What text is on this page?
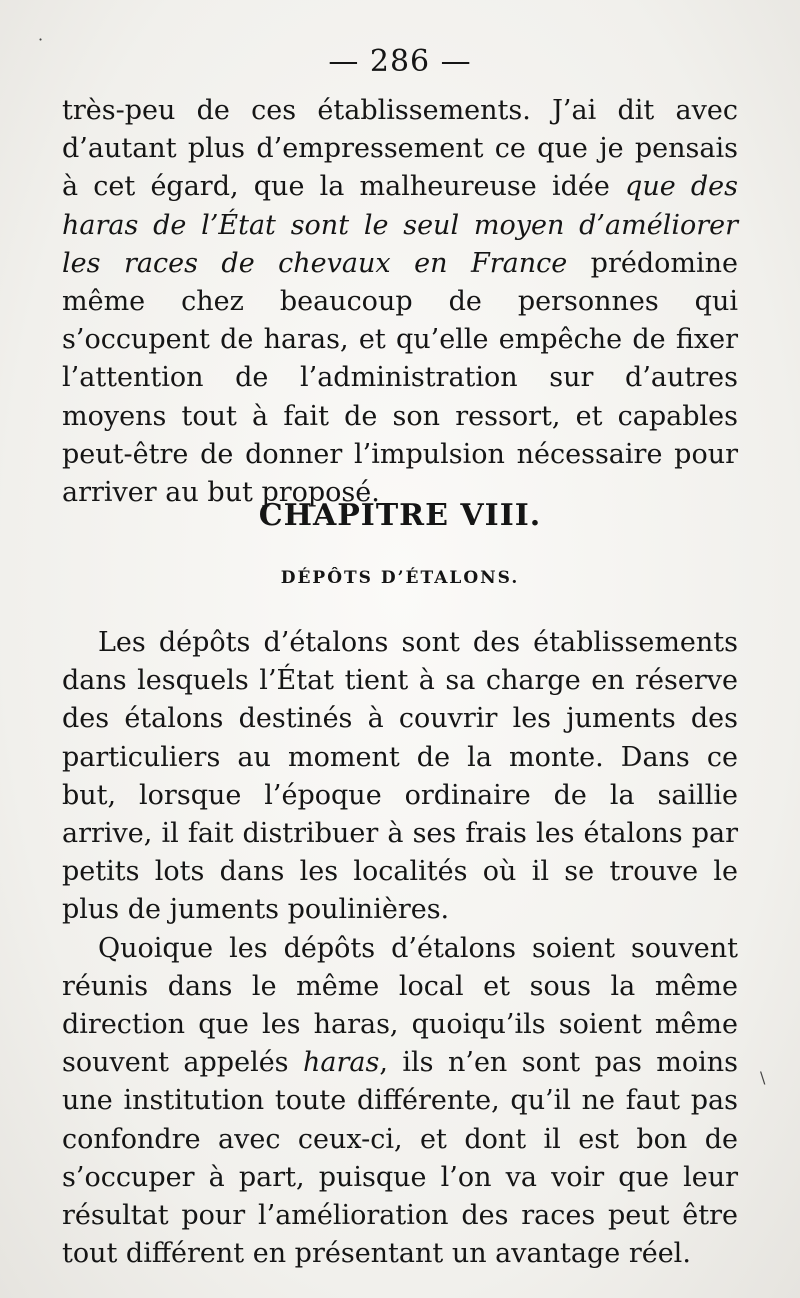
— 286 —

très-peu de ces établissements. J’ai dit avec d’autant plus d’empressement ce que je pensais à cet égard, que la malheureuse idée que des haras de l’État sont le seul moyen d’améliorer les races de chevaux en France prédomine même chez beaucoup de personnes qui s’occupent de haras, et qu’elle empêche de fixer l’attention de l’administration sur d’autres moyens tout à fait de son ressort, et capables peut-être de donner l’impulsion nécessaire pour arriver au but proposé.

CHAPITRE VIII.
DÉPÔTS D’ÉTALONS.

Les dépôts d’étalons sont des établissements dans lesquels l’État tient à sa charge en réserve des étalons destinés à couvrir les juments des particuliers au moment de la monte. Dans ce but, lorsque l’époque ordinaire de la saillie arrive, il fait distribuer à ses frais les étalons par petits lots dans les localités où il se trouve le plus de juments poulinières.

Quoique les dépôts d’étalons soient souvent réunis dans le même local et sous la même direction que les haras, quoiqu’ils soient même souvent appelés haras, ils n’en sont pas moins une institution toute différente, qu’il ne faut pas confondre avec ceux-ci, et dont il est bon de s’occuper à part, puisque l’on va voir que leur résultat pour l’amélioration des races peut être tout différent en présentant un avantage réel.

·
\
